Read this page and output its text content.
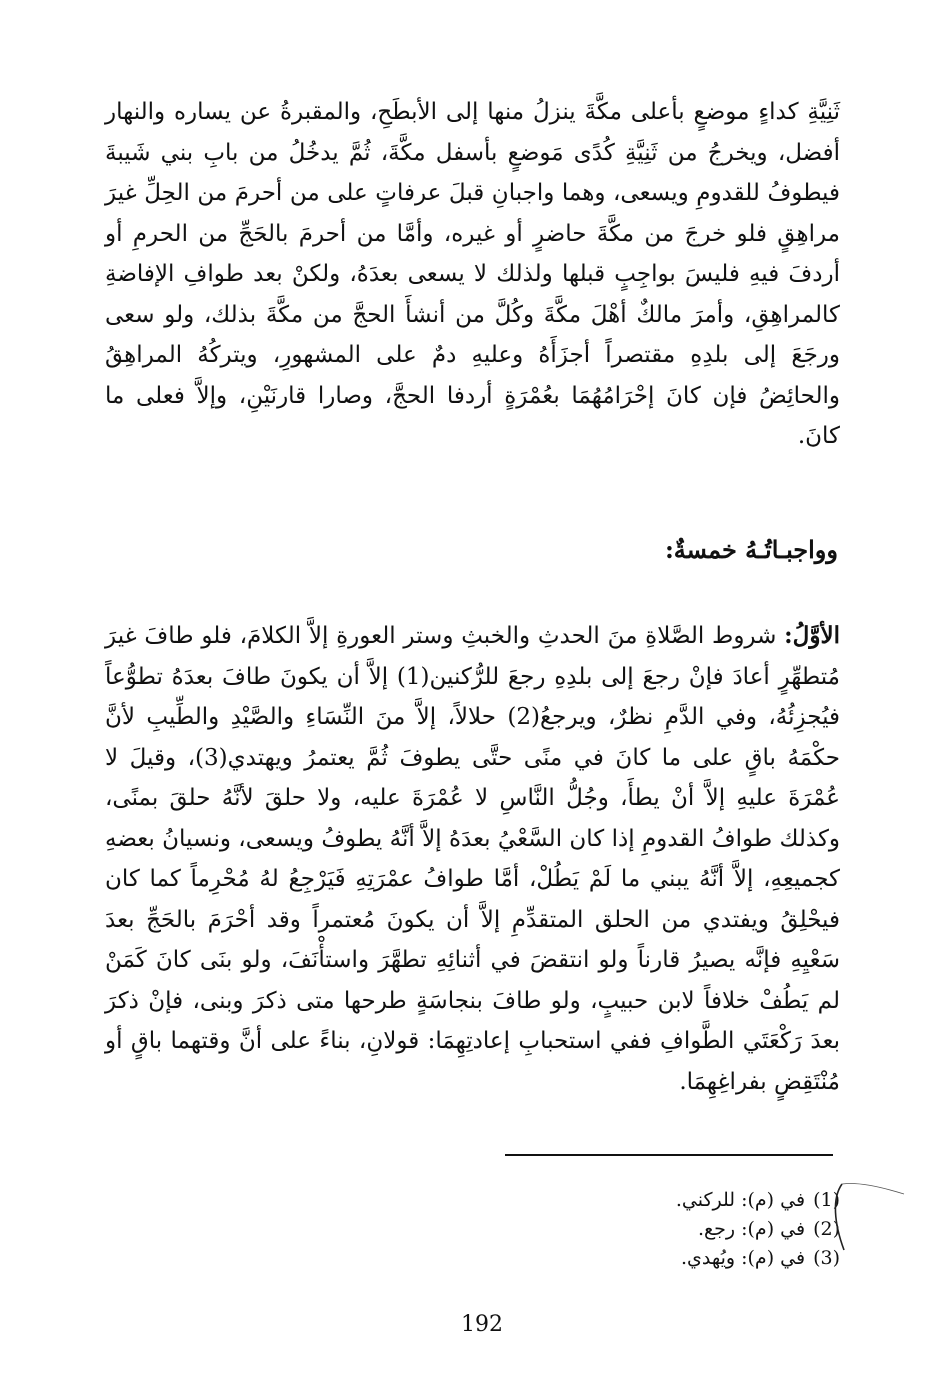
ثَنِيَّةِ كداءٍ موضعٍ بأعلى مكَّةَ ينزلُ منها إلى الأبطَحِ، والمقبرةُ عن يساره والنهار أفضل، ويخرجُ من ثَنِيَّةِ كُدًى مَوضعٍ بأسفل مكَّةَ، ثُمَّ يدخُلُ من بابِ بني شَيبةَ فيطوفُ للقدومِ ويسعى، وهما واجبانِ قبلَ عرفاتٍ على من أحرمَ من الحِلِّ غيرَ مراهِقٍ فلو خرجَ من مكَّةَ حاضرٍ أو غيره، وأمَّا من أحرمَ بالحَجِّ من الحرمِ أو أردفَ فيهِ فليسَ بواجِبٍ قبلها ولذلك لا يسعى بعدَهُ، ولكنْ بعد طوافِ الإفاضةِ كالمراهِقِ، وأمرَ مالكٌ أهْلَ مكَّةَ وكُلَّ من أنشأَ الحجَّ من مكَّةَ بذلك، ولو سعى ورجَعَ إلى بلدِهِ مقتصراً أجزَأَهُ وعليهِ دمٌ على المشهورِ، ويتركُهُ المراهِقُ والحائِضُ فإن كانَ إحْرَامُهُمَا بعُمْرَةٍ أردفا الحجَّ، وصارا قارنَيْنِ، وإلاَّ فعلى ما كانَ.

وواجبـاتُـهُ خمسةٌ:

الأوَّلُ: شروط الصَّلاةِ منَ الحدثِ والخبثِ وستر العورةِ إلاَّ الكلامَ، فلو طافَ غيرَ مُتطهِّرٍ أعادَ فإنْ رجعَ إلى بلدِهِ رجعَ للرُّكنين(1) إلاَّ أن يكونَ طافَ بعدَهُ تطوُّعاً فيُجزِئُهُ، وفي الدَّمِ نظرٌ، ويرجعُ(2) حلالاً، إلاَّ منَ النِّسَاءِ والصَّيْدِ والطِّيبِ لأنَّ حكْمَهُ باقٍ على ما كانَ في منًى حتَّى يطوفَ ثُمَّ يعتمرُ ويهتدي(3)، وقيلَ لا عُمْرَةَ عليهِ إلاَّ أنْ يطأَ، وجُلُّ النَّاسِ لا عُمْرَةَ عليه، ولا حلقَ لأنَّهُ حلقَ بمنًى، وكذلك طوافُ القدومِ إذا كان السَّعْيُ بعدَهُ إلاَّ أنَّهُ يطوفُ ويسعى، ونسيانُ بعضهِ كجميعِهِ، إلاَّ أنَّهُ يبني ما لَمْ يَطُلْ، أمَّا طوافُ عمْرَتِهِ فَيَرْجِعُ لهُ مُحْرِماً كما كان فيحْلِقُ ويفتدي من الحلق المتقدِّمِ إلاَّ أن يكونَ مُعتمراً وقد أحْرَمَ بالحَجِّ بعدَ سَعْيِهِ فإنَّه يصيرُ قارناً ولو انتقضَ في أثنائِهِ تطهَّرَ واستأْنَفَ، ولو بنَى كانَ كَمَنْ لم يَطُفْ خلافاً لابن حبيبٍ، ولو طافَ بنجاسَةٍ طرحها متى ذكرَ وبنى، فإنْ ذكرَ بعدَ رَكْعَتَي الطَّوافِ ففي استحبابِ إعادتِهِمَا: قولانِ، بناءً على أنَّ وقتهما باقٍ أو مُنْتَقِضٍ بفراغِهِمَا.

(1)في (م): للركني.
(2)في (م): رجع.
(3)في (م): ويُهدي.
192
